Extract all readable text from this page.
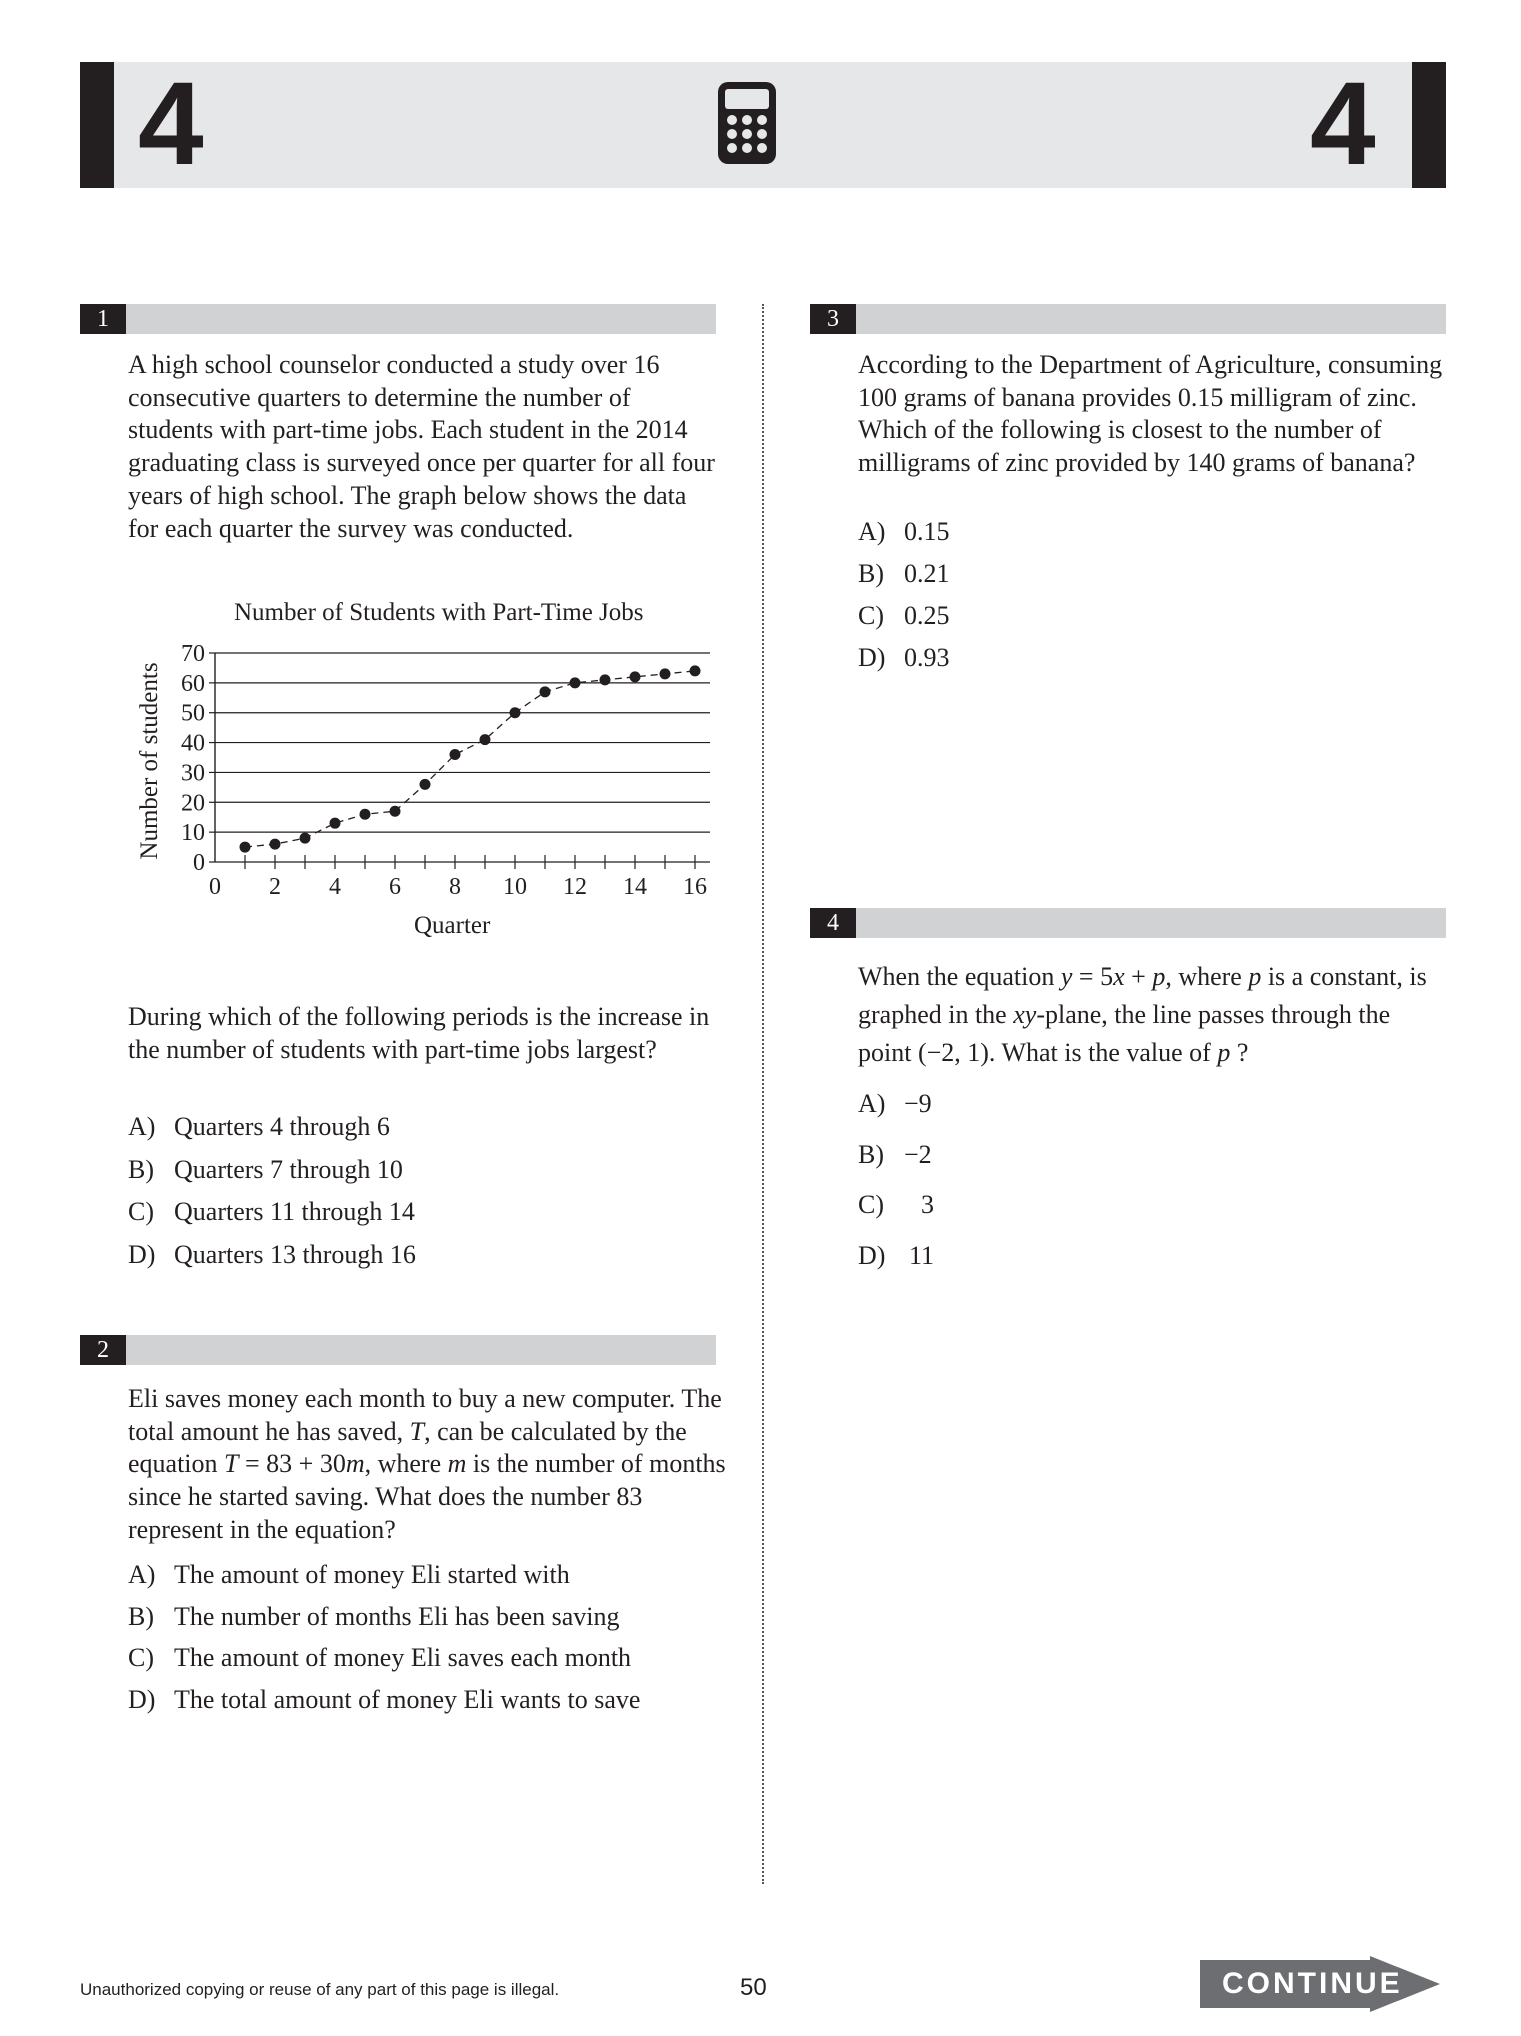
4	4
1
A high school counselor conducted a study over 16 consecutive quarters to determine the number of students with part-time jobs. Each student in the 2014 graduating class is surveyed once per quarter for all four years of high school. The graph below shows the data for each quarter the survey was conducted.
Number of Students with Part-Time Jobs
Number of students
0
10
20
30
40
50
60
70
0 2 4 6 8 10 12 14 16
Quarter
During which of the following periods is the increase in the number of students with part-time jobs largest?
A) Quarters 4 through 6
B) Quarters 7 through 10
C) Quarters 11 through 14
D) Quarters 13 through 16
2
Eli saves money each month to buy a new computer. The total amount he has saved, T, can be calculated by the equation T = 83 + 30m, where m is the number of months since he started saving. What does the number 83 represent in the equation?
A) The amount of money Eli started with
B) The number of months Eli has been saving
C) The amount of money Eli saves each month
D) The total amount of money Eli wants to save
3
According to the Department of Agriculture, consuming 100 grams of banana provides 0.15 milligram of zinc. Which of the following is closest to the number of milligrams of zinc provided by 140 grams of banana?
A) 0.15
B) 0.21
C) 0.25
D) 0.93
4
When the equation y = 5x + p, where p is a constant, is graphed in the xy-plane, the line passes through the point (−2, 1). What is the value of p ?
A) −9
B) −2
C) 3
D) 11
Unauthorized copying or reuse of any part of this page is illegal.	50	CONTINUE
